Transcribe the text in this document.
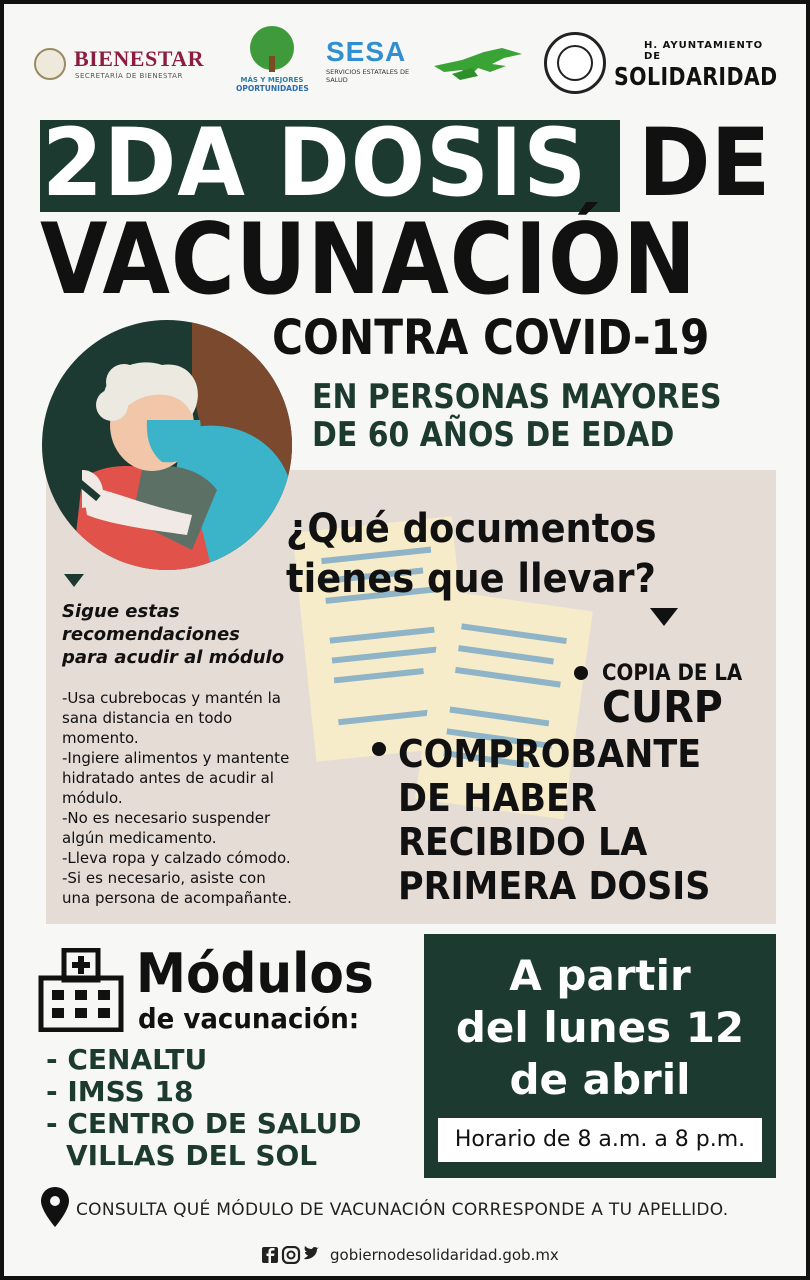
BIENESTAR
SECRETARÍA DE BIENESTAR	MÁS Y MEJORES
OPORTUNIDADES
SESA
SERVICIOS ESTATALES DE SALUD
H. AYUNTAMIENTO DE
SOLIDARIDAD
2DA DOSIS DE
VACUNACIÓN
CONTRA COVID-19
EN PERSONAS MAYORES
DE 60 AÑOS DE EDAD
¿Qué documentos
tienes que llevar?
COPIA DE LA
CURP
COMPROBANTE
DE HABER
RECIBIDO LA
PRIMERA DOSIS
Sigue estas
recomendaciones
para acudir al módulo
-Usa cubrebocas y mantén la
sana distancia en todo
momento.
-Ingiere alimentos y mantente
hidratado antes de acudir al
módulo.
-No es necesario suspender
algún medicamento.
-Lleva ropa y calzado cómodo.
-Si es necesario, asiste con
una persona de acompañante.
Módulos
de vacunación:
- CENALTU
- IMSS 18
- CENTRO DE SALUD
VILLAS DEL SOL
A partir
del lunes 12
de abril
Horario de 8 a.m. a 8 p.m.
CONSULTA QUÉ MÓDULO DE VACUNACIÓN CORRESPONDE A TU APELLIDO.
gobiernodesolidaridad.gob.mx
